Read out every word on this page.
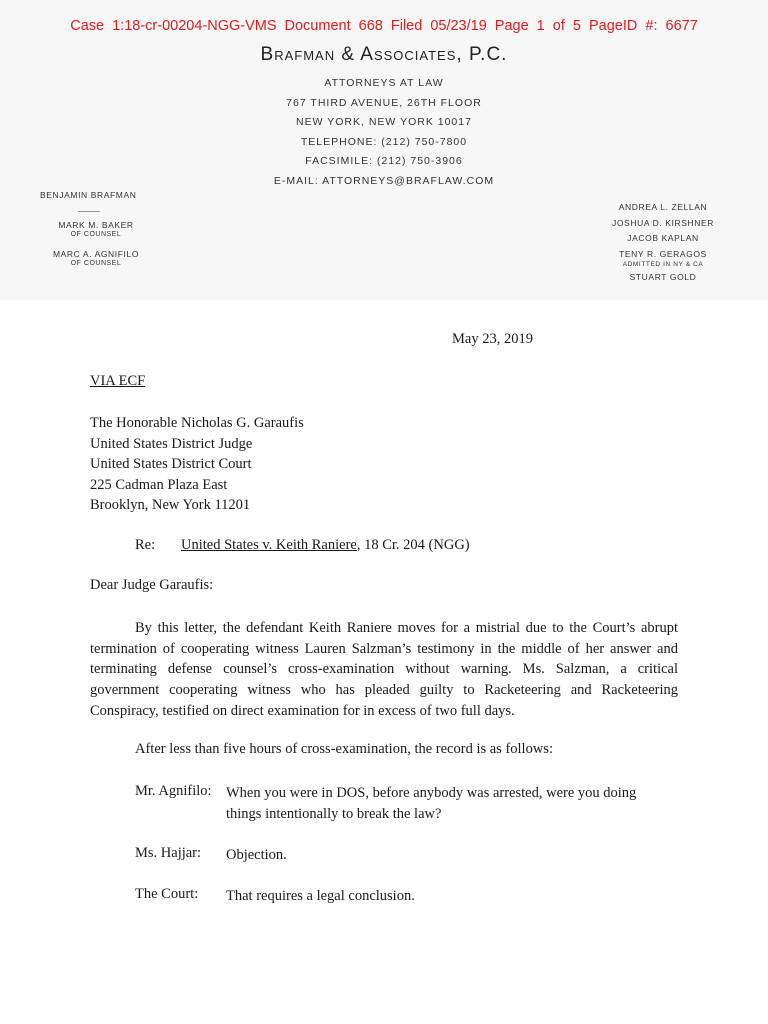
Case 1:18-cr-00204-NGG-VMS Document 668 Filed 05/23/19 Page 1 of 5 PageID #: 6677
Brafman & Associates, P.C.
ATTORNEYS AT LAW
767 THIRD AVENUE, 26TH FLOOR
NEW YORK, NEW YORK 10017
TELEPHONE: (212) 750-7800
FACSIMILE: (212) 750-3906
E-MAIL: ATTORNEYS@BRAFLAW.COM
BENJAMIN BRAFMAN
MARK M. BAKER
OF COUNSEL
MARC A. AGNIFILO
OF COUNSEL
ANDREA L. ZELLAN
JOSHUA D. KIRSHNER
JACOB KAPLAN
TENY R. GERAGOS
ADMITTED IN NY & CA
STUART GOLD
May 23, 2019
VIA ECF
The Honorable Nicholas G. Garaufis
United States District Judge
United States District Court
225 Cadman Plaza East
Brooklyn, New York 11201
Re: United States v. Keith Raniere, 18 Cr. 204 (NGG)
Dear Judge Garaufis:

By this letter, the defendant Keith Raniere moves for a mistrial due to the Court’s abrupt termination of cooperating witness Lauren Salzman’s testimony in the middle of her answer and terminating defense counsel’s cross-examination without warning. Ms. Salzman, a critical government cooperating witness who has pleaded guilty to Racketeering and Racketeering Conspiracy, testified on direct examination for in excess of two full days.

After less than five hours of cross-examination, the record is as follows:
Mr. Agnifilo: When you were in DOS, before anybody was arrested, were you doing things intentionally to break the law?
Ms. Hajjar:	Objection.
The Court:	That requires a legal conclusion.
